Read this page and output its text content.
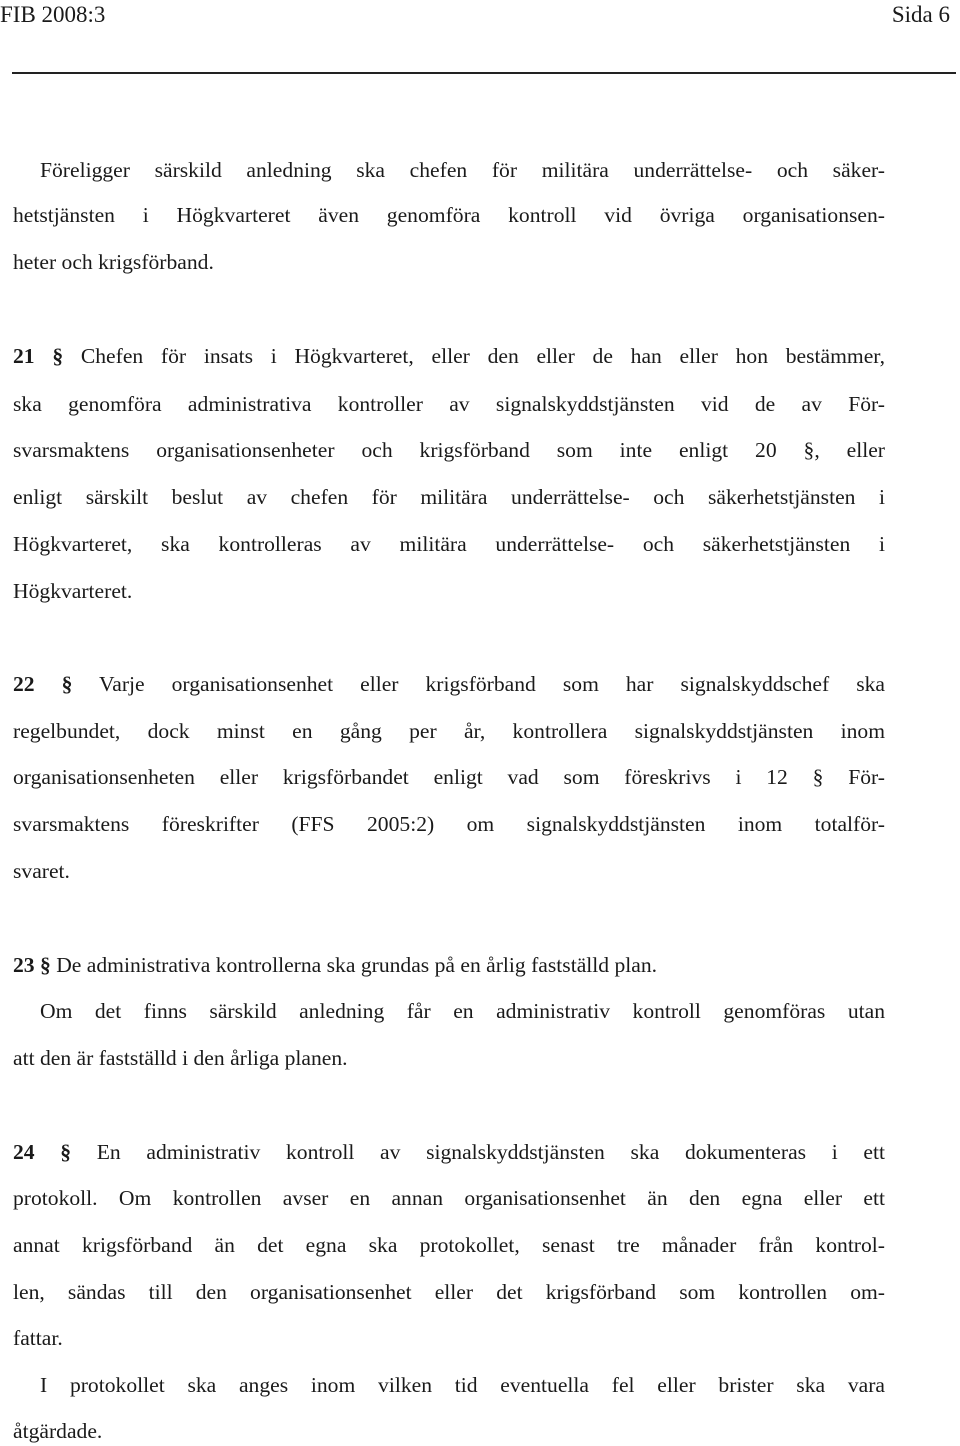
FIB 2008:3	Sida 6
Föreligger särskild anledning ska chefen för militära underrättelse- och säker-
hetstjänsten i Högkvarteret även genomföra kontroll vid övriga organisationsen-
heter och krigsförband.
21 § Chefen för insats i Högkvarteret, eller den eller de han eller hon bestämmer,
ska genomföra administrativa kontroller av signalskyddstjänsten vid de av För-
svarsmaktens organisationsenheter och krigsförband som inte enligt 20 §, eller
enligt särskilt beslut av chefen för militära underrättelse- och säkerhetstjänsten i
Högkvarteret, ska kontrolleras av militära underrättelse- och säkerhetstjänsten i
Högkvarteret.
22 § Varje organisationsenhet eller krigsförband som har signalskyddschef ska
regelbundet, dock minst en gång per år, kontrollera signalskyddstjänsten inom
organisationsenheten eller krigsförbandet enligt vad som föreskrivs i 12 § För-
svarsmaktens föreskrifter (FFS 2005:2) om signalskyddstjänsten inom totalför-
svaret.
23 § De administrativa kontrollerna ska grundas på en årlig fastställd plan.
Om det finns särskild anledning får en administrativ kontroll genomföras utan
att den är fastställd i den årliga planen.
24 § En administrativ kontroll av signalskyddstjänsten ska dokumenteras i ett
protokoll. Om kontrollen avser en annan organisationsenhet än den egna eller ett
annat krigsförband än det egna ska protokollet, senast tre månader från kontrol-
len, sändas till den organisationsenhet eller det krigsförband som kontrollen om-
fattar.
I protokollet ska anges inom vilken tid eventuella fel eller brister ska vara
åtgärdade.
